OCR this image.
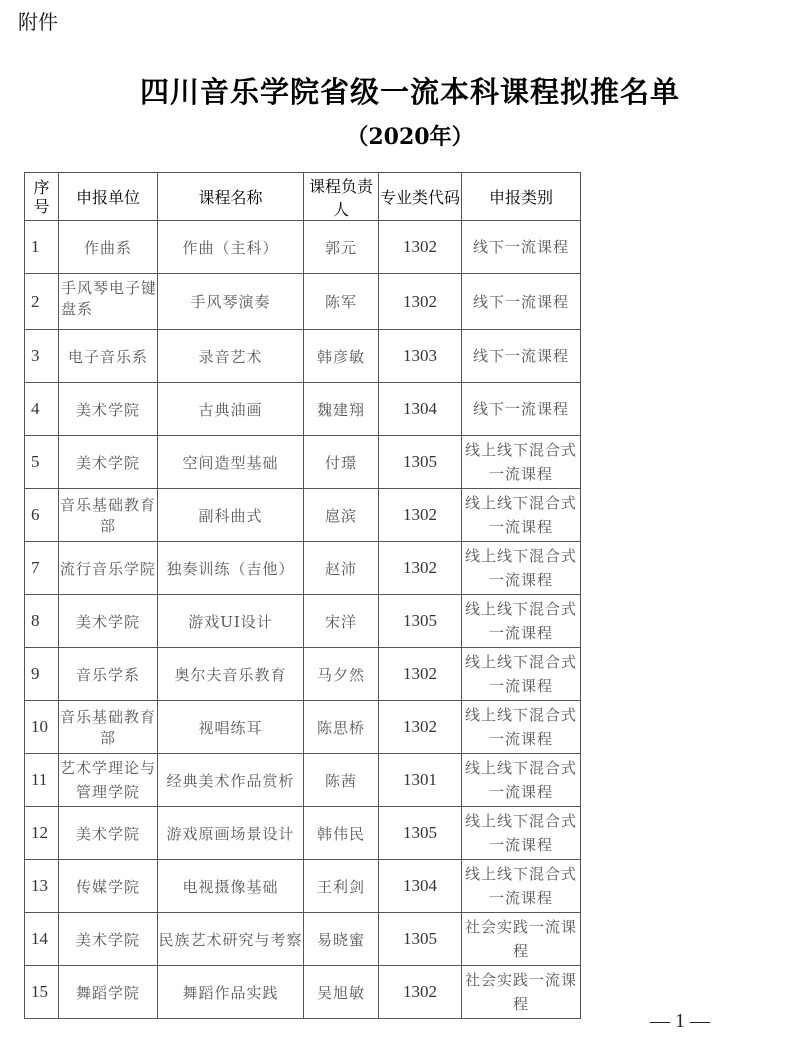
附件
四川音乐学院省级一流本科课程拟推名单
（2020年）
序号	申报单位	课程名称	课程负责人	专业类代码	申报类别
1	作曲系	作曲（主科）	郭元	1302	线下一流课程
2	手风琴电子键盘系	手风琴演奏	陈军	1302	线下一流课程
3	电子音乐系	录音艺术	韩彦敏	1303	线下一流课程
4	美术学院	古典油画	魏建翔	1304	线下一流课程
5	美术学院	空间造型基础	付璟	1305	线上线下混合式一流课程
6	音乐基础教育部	副科曲式	扈滨	1302	线上线下混合式一流课程
7	流行音乐学院	独奏训练（吉他）	赵沛	1302	线上线下混合式一流课程
8	美术学院	游戏UI设计	宋洋	1305	线上线下混合式一流课程
9	音乐学系	奥尔夫音乐教育	马夕然	1302	线上线下混合式一流课程
10	音乐基础教育部	视唱练耳	陈思桥	1302	线上线下混合式一流课程
11	艺术学理论与管理学院	经典美术作品赏析	陈茜	1301	线上线下混合式一流课程
12	美术学院	游戏原画场景设计	韩伟民	1305	线上线下混合式一流课程
13	传媒学院	电视摄像基础	王利剑	1304	线上线下混合式一流课程
14	美术学院	民族艺术研究与考察	易晓蜜	1305	社会实践一流课程
15	舞蹈学院	舞蹈作品实践	吴旭敏	1302	社会实践一流课程
— 1 —
